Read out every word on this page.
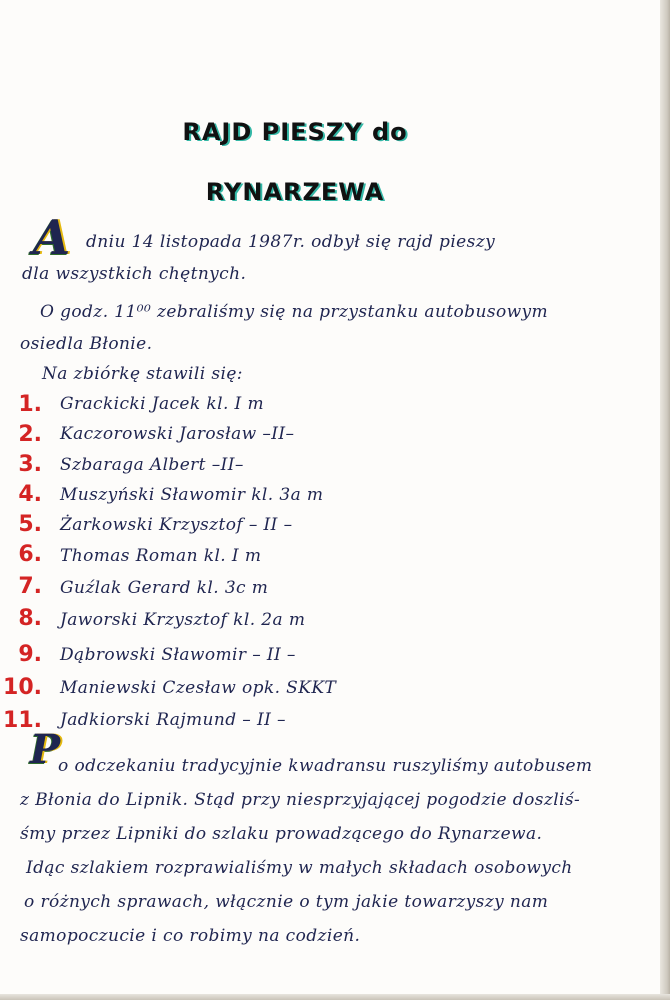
RAJD PIESZY do
RYNARZEWA
A dniu 14 listopada 1987r. odbył się rajd pieszy
dla wszystkich chętnych.
O godz. 11⁰⁰ zebraliśmy się na przystanku autobusowym
osiedla Błonie.
Na zbiórkę stawili się:
1. Grackicki Jacek kl. I m
2. Kaczorowski Jarosław –II–
3. Szbaraga Albert –II–
4. Muszyński Sławomir kl. 3a m
5. Żarkowski Krzysztof – II –
6. Thomas Roman kl. I m
7. Guźlak Gerard kl. 3c m
8. Jaworski Krzysztof kl. 2a m
9. Dąbrowski Sławomir – II –
10. Maniewski Czesław opk. SKKT
11. Jadkiorski Rajmund – II –
P
o odczekaniu tradycyjnie kwadransu ruszyliśmy autobusem
z Błonia do Lipnik. Stąd przy niesprzyjającej pogodzie doszliś-
śmy przez Lipniki do szlaku prowadzącego do Rynarzewa.
Idąc szlakiem rozprawialiśmy w małych składach osobowych
o różnych sprawach, włącznie o tym jakie towarzyszy nam
samopoczucie i co robimy na codzień.
